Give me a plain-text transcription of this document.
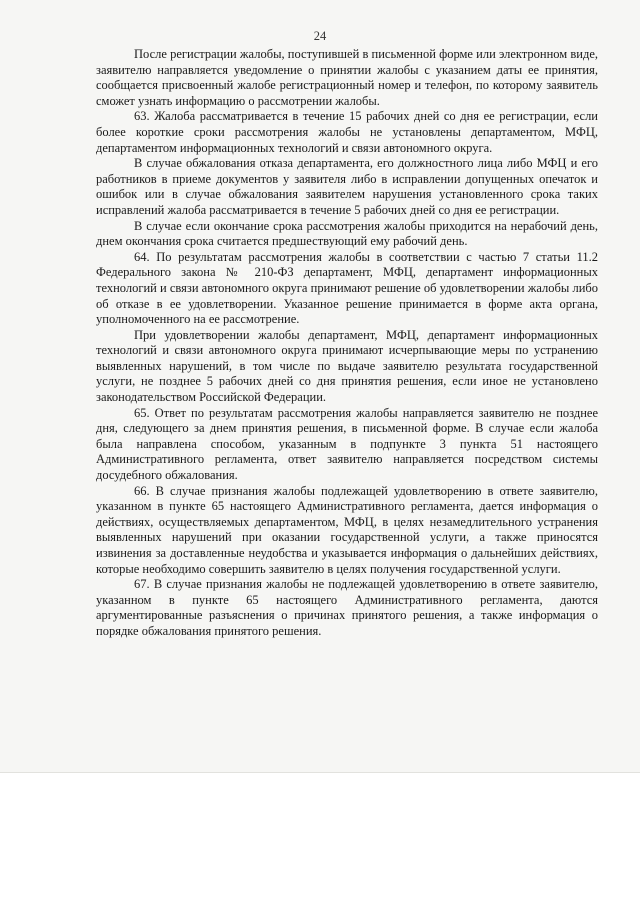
24

После регистрации жалобы, поступившей в письменной форме или электронном виде, заявителю направляется уведомление о принятии жалобы с указанием даты ее принятия, сообщается присвоенный жалобе регистрационный номер и телефон, по которому заявитель сможет узнать информацию о рассмотрении жалобы.

63. Жалоба рассматривается в течение 15 рабочих дней со дня ее регистрации, если более короткие сроки рассмотрения жалобы не установлены департаментом, МФЦ, департаментом информационных технологий и связи автономного округа.

В случае обжалования отказа департамента, его должностного лица либо МФЦ и его работников в приеме документов у заявителя либо в исправлении допущенных опечаток и ошибок или в случае обжалования заявителем нарушения установленного срока таких исправлений жалоба рассматривается в течение 5 рабочих дней со дня ее регистрации.

В случае если окончание срока рассмотрения жалобы приходится на нерабочий день, днем окончания срока считается предшествующий ему рабочий день.

64. По результатам рассмотрения жалобы в соответствии с частью 7 статьи 11.2 Федерального закона № 210-ФЗ департамент, МФЦ, департамент информационных технологий и связи автономного округа принимают решение об удовлетворении жалобы либо об отказе в ее удовлетворении. Указанное решение принимается в форме акта органа, уполномоченного на ее рассмотрение.

При удовлетворении жалобы департамент, МФЦ, департамент информационных технологий и связи автономного округа принимают исчерпывающие меры по устранению выявленных нарушений, в том числе по выдаче заявителю результата государственной услуги, не позднее 5 рабочих дней со дня принятия решения, если иное не установлено законодательством Российской Федерации.

65. Ответ по результатам рассмотрения жалобы направляется заявителю не позднее дня, следующего за днем принятия решения, в письменной форме. В случае если жалоба была направлена способом, указанным в подпункте 3 пункта 51 настоящего Административного регламента, ответ заявителю направляется посредством системы досудебного обжалования.

66. В случае признания жалобы подлежащей удовлетворению в ответе заявителю, указанном в пункте 65 настоящего Административного регламента, дается информация о действиях, осуществляемых департаментом, МФЦ, в целях незамедлительного устранения выявленных нарушений при оказании государственной услуги, а также приносятся извинения за доставленные неудобства и указывается информация о дальнейших действиях, которые необходимо совершить заявителю в целях получения государственной услуги.

67. В случае признания жалобы не подлежащей удовлетворению в ответе заявителю, указанном в пункте 65 настоящего Административного регламента, даются аргументированные разъяснения о причинах принятого решения, а также информация о порядке обжалования принятого решения.
